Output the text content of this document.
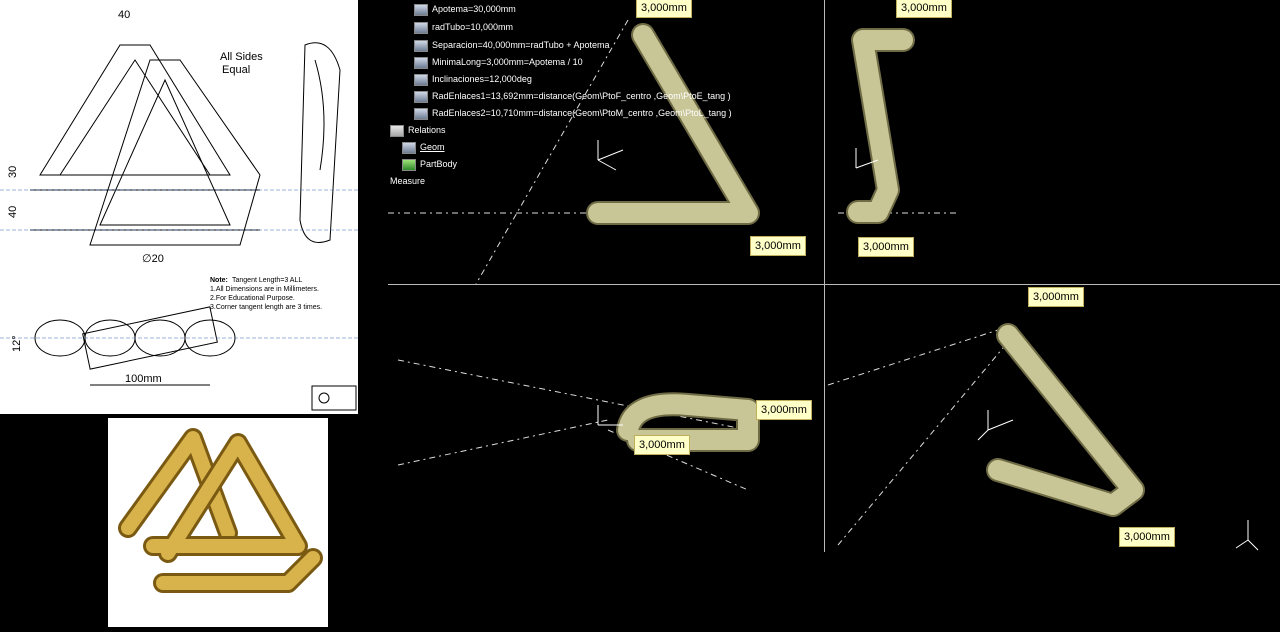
40
All Sides
Equal
30
40
∅20
Note: Tangent Length=3 ALL
1.All Dimensions are in Millimeters.
2.For Educational Purpose.
3.Corner tangent length are 3 times.
12°
100mm
Apotema=30,000mm
radTubo=10,000mm
Separacion=40,000mm=radTubo + Apotema
MinimaLong=3,000mm=Apotema / 10
Inclinaciones=12,000deg
RadEnlaces1=13,692mm=distance(Geom\PtoF_centro ,Geom\PtoE_tang )
RadEnlaces2=10,710mm=distance(Geom\PtoM_centro ,Geom\PtoL_tang )
Relations
Geom
PartBody
Measure
3,000mm
3,000mm
3,000mm
3,000mm
3,000mm
3,000mm
3,000mm
3,000mm
